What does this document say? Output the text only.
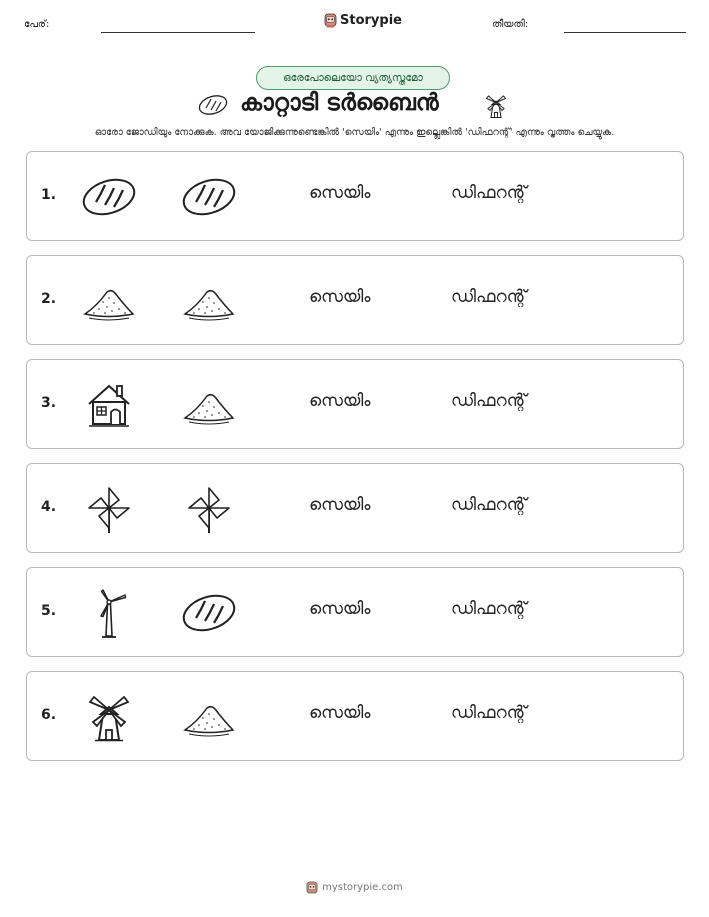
പേര്:	Storypie	തീയതി:
ഒരേപോലെയോ വ്യത്യസ്തമോ
കാറ്റാടി ടർബൈൻ
ഓരോ ജോഡിയും നോക്കുക. അവ യോജിക്കുന്നുണ്ടെങ്കിൽ 'സെയിം' എന്നും ഇല്ലെങ്കിൽ 'ഡിഫറന്റ്' എന്നും വൃത്തം ചെയ്യുക.
1.	സെയിം	ഡിഫറന്റ്
2.	സെയിം	ഡിഫറന്റ്
3.	സെയിം	ഡിഫറന്റ്
4.	സെയിം	ഡിഫറന്റ്
5.	സെയിം	ഡിഫറന്റ്
6.	സെയിം	ഡിഫറന്റ്
mystorypie.com
